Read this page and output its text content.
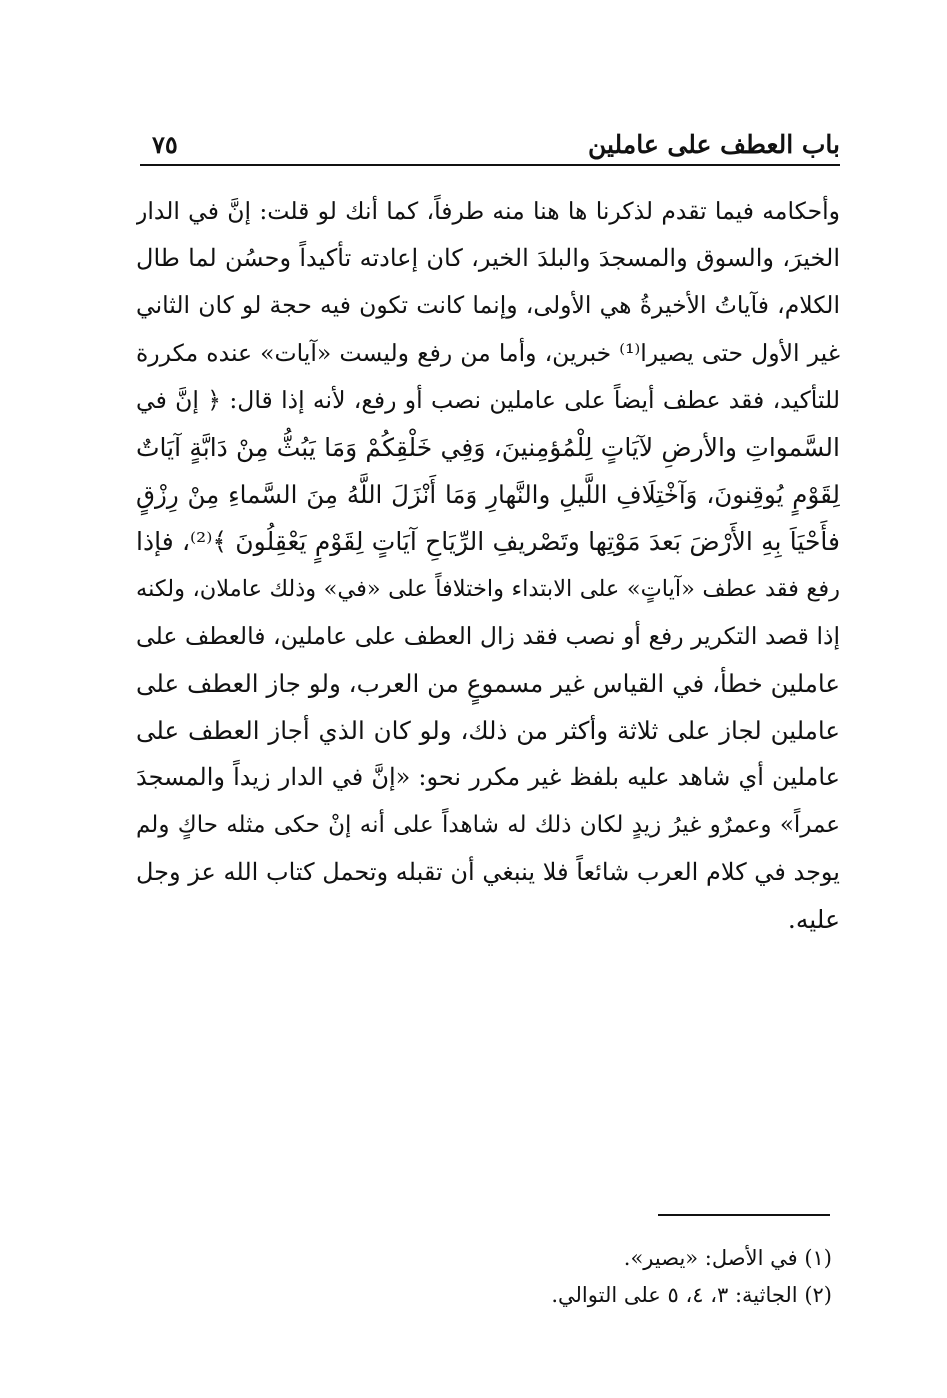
باب العطف على عاملين
٧٥
وأحكامه فيما تقدم لذكرنا ها هنا منه طرفاً، كما أنك لو قلت: إنَّ في الدار
الخيرَ، والسوق والمسجدَ والبلدَ الخير، كان إعادته تأكيداً وحسُن لما طال
الكلام، فآياتُ الأخيرةُ هي الأولى، وإنما كانت تكون فيه حجة لو كان الثاني
غير الأول حتى يصيرا⁽¹⁾ خبرين، وأما من رفع وليست «آيات» عنده مكررة
للتأكيد، فقد عطف أيضاً على عاملين نصب أو رفع، لأنه إذا قال: ﴿ إنَّ في
السَّمواتِ والأرضِ لآيَاتٍ لِلْمُؤمِنينَ، وَفِي خَلْقِكُمْ وَمَا يَبُثُّ مِنْ دَابَّةٍ آيَاتٌ
لِقَوْمٍ يُوقِنونَ، وَآخْتِلَافِ اللَّيلِ والنَّهارِ وَمَا أَنْزَلَ اللَّهُ مِنَ السَّماءِ مِنْ رِزْقٍ
فأَحْيَاَ بِهِ الأَرْضَ بَعدَ مَوْتِها وتَصْريفِ الرِّيَاحِ آيَاتٍ لِقَوْمٍ يَعْقِلُونَ ﴾⁽²⁾، فإذا
رفع فقد عطف «آياتٍ» على الابتداء واختلافاً على «في» وذلك عاملان، ولكنه
إذا قصد التكرير رفع أو نصب فقد زال العطف على عاملين، فالعطف على
عاملين خطأ، في القياس غير مسموعٍ من العرب، ولو جاز العطف على
عاملين لجاز على ثلاثة وأكثر من ذلك، ولو كان الذي أجاز العطف على
عاملين أي شاهد عليه بلفظ غير مكرر نحو: «إنَّ في الدار زيداً والمسجدَ
عمراً» وعمرٌو غيرُ زيدٍ لكان ذلك له شاهداً على أنه إنْ حكى مثله حاكٍ ولم
يوجد في كلام العرب شائعاً فلا ينبغي أن تقبله وتحمل كتاب الله عز وجل
عليه.
(١) في الأصل: «يصير».
(٢) الجاثية: ٣، ٤، ٥ على التوالي.
